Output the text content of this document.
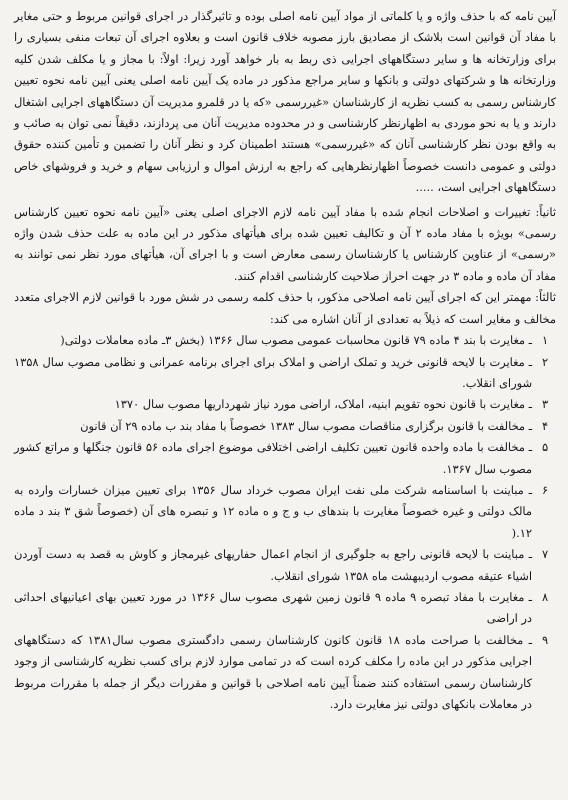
آیین نامه که با حذف واژه و یا کلماتی از مواد آیین نامه اصلی بوده و تاثیرگذار در اجرای قوانین مربوط و حتی مغایر با مفاد آن قوانین است بلاشک از مصادیق بارز مصوبه خلاف قانون است و بعلاوه اجرای آن تبعات منفی بسیاری را برای وزارتخانه ها و سایر دستگاههای اجرایی ذی ربط به بار خواهد آورد زیرا: اولاً: با مجاز و یا مکلف شدن کلیه وزارتخانه ها و شرکتهای دولتی و بانکها و سایر مراجع مذکور در ماده یک آیین نامه اصلی یعنی آیین نامه نحوه تعیین کارشناس رسمی به کسب نظریه از کارشناسان «غیررسمی «که یا در قلمرو مدیریت آن دستگاههای اجرایی اشتغال دارند و یا به نحو موردی به اظهارنظر کارشناسی و در محدوده مدیریت آنان می پردازند، دقیقاً نمی توان به صائب و به واقع بودن نظر کارشناسی آنان که «غیررسمی» هستند اطمینان کرد و نظر آنان را تضمین و تأمین کننده حقوق دولتی و عمومی دانست خصوصاً اظهارنظرهایی که راجع به ارزش اموال و ارزیابی سهام و خرید و فروشهای خاص دستگاههای اجرایی است، .....

ثانیاً: تغییرات و اصلاحات انجام شده با مفاد آیین نامه لازم الاجرای اصلی یعنی «آیین نامه نحوه تعیین کارشناس رسمی» بویژه با مفاد ماده ۲ آن و تکالیف تعیین شده برای هیأتهای مذکور در این ماده به علت حذف شدن واژه «رسمی» از عناوین کارشناس یا کارشناسان رسمی معارض است و با اجرای آن، هیأتهای مورد نظر نمی توانند به مفاد آن ماده و ماده ۳ در جهت احراز صلاحیت کارشناسی اقدام کنند.

ثالثاً: مهمتر این که اجرای آیین نامه اصلاحی مذکور، با حذف کلمه رسمی در شش مورد با قوانین لازم الاجرای متعدد مخالف و مغایر است که ذیلاً به تعدادی از آنان اشاره می کند:

۱
ـ مغایرت با بند ۴ ماده ۷۹ قانون محاسبات عمومی مصوب سال ۱۳۶۶ (بخش ۳ـ ماده معاملات دولتی(
۲
ـ مغایرت با لایحه قانونی خرید و تملک اراضی و املاک برای اجرای برنامه عمرانی و نظامی مصوب سال ۱۳۵۸ شورای انقلاب.
۳
ـ مغایرت با قانون نحوه تقویم ابنیه، املاک، اراضی مورد نیاز شهرداریها مصوب سال ۱۳۷۰
۴
ـ مخالفت با قانون برگزاری مناقصات مصوب سال ۱۳۸۳ خصوصاً با مفاد بند ب ماده ۲۹ آن قانون
۵
ـ مخالفت با ماده واحده قانون تعیین تکلیف اراضی اختلافی موضوع اجرای ماده ۵۶ قانون جنگلها و مراتع کشور مصوب سال ۱۳۶۷.
۶
ـ مباینت با اساسنامه شرکت ملی نفت ایران مصوب خرداد سال ۱۳۵۶ برای تعیین میزان خسارات وارده به مالک دولتی و غیره خصوصاً مغایرت با بندهای ب و ج و ه ماده ۱۲ و تبصره های آن (خصوصاً شق ۳ بند د ماده ۱۲.(
۷
ـ مباینت با لایحه قانونی راجع به جلوگیری از انجام اعمال حفاریهای غیرمجاز و کاوش به قصد به دست آوردن اشیاء عتیقه مصوب اردیبهشت ماه ۱۳۵۸ شورای انقلاب.
۸
ـ مغایرت با مفاد تبصره ۹ ماده ۹ قانون زمین شهری مصوب سال ۱۳۶۶ در مورد تعیین بهای اعیانیهای احداثی در اراضی
۹
ـ مخالفت با صراحت ماده ۱۸ قانون کانون کارشناسان رسمی دادگستری مصوب سال۱۳۸۱ که دستگاههای اجرایی مذکور در این ماده را مکلف کرده است که در تمامی موارد لازم برای کسب نظریه کارشناسی از وجود کارشناسان رسمی استفاده کنند ضمناً آیین نامه اصلاحی با قوانین و مقررات دیگر از جمله با مقررات مربوط در معاملات بانکهای دولتی نیز مغایرت دارد.
